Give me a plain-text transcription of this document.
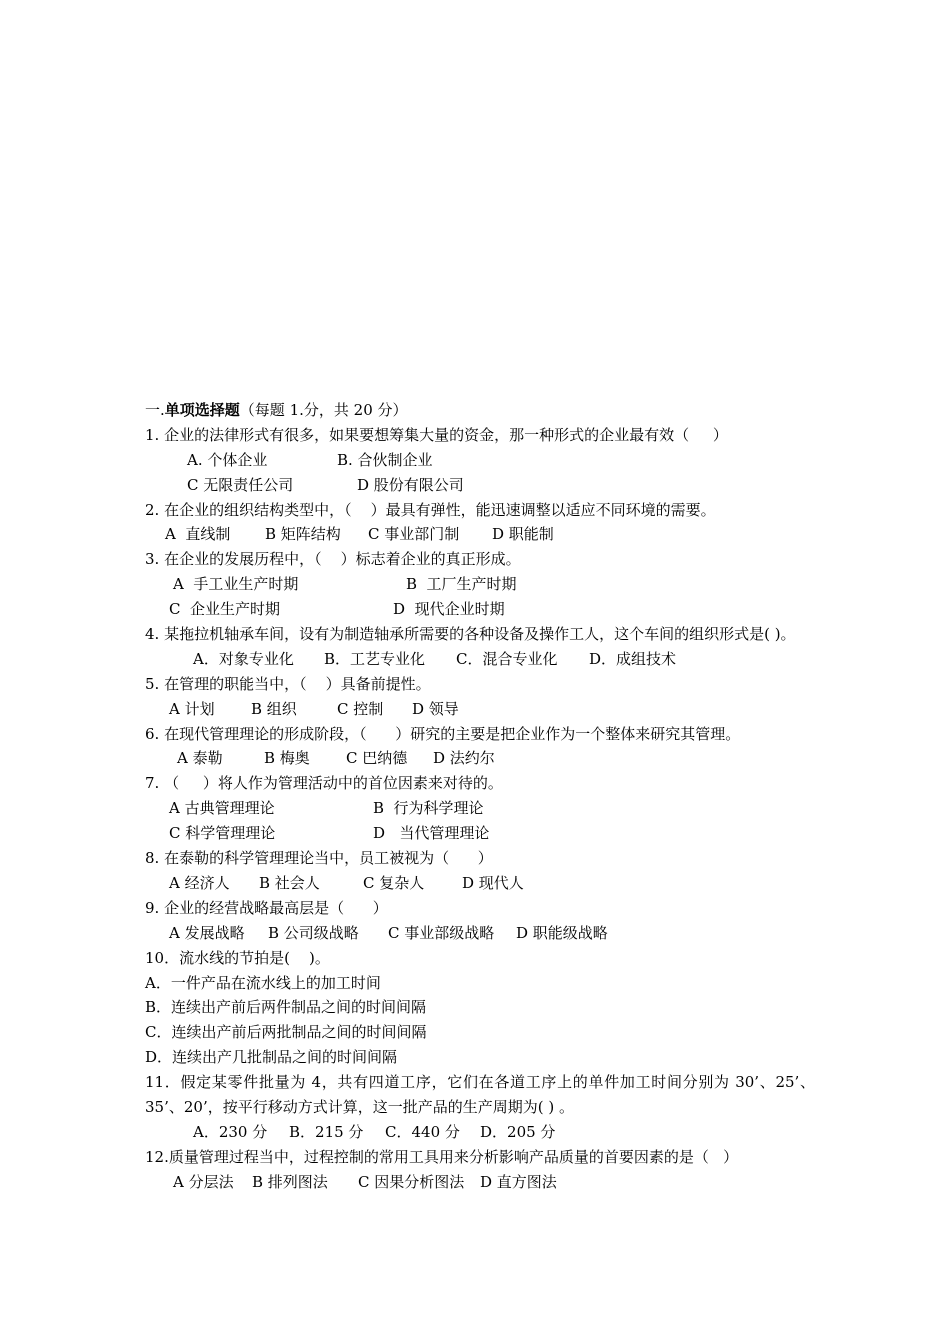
一.单项选择题（每题 1.分，共 20 分）
1. 企业的法律形式有很多，如果要想筹集大量的资金，那一种形式的企业最有效（     ）
A. 个体企业	B. 合伙制企业
C 无限责任公司	D 股份有限公司
2. 在企业的组织结构类型中，（    ）最具有弹性，能迅速调整以适应不同环境的需要。
A  直线制 B 矩阵结构 C 事业部门制 D 职能制
3. 在企业的发展历程中，（    ）标志着企业的真正形成。
A  手工业生产时期	B  工厂生产时期
C  企业生产时期	D  现代企业时期
4. 某拖拉机轴承车间，设有为制造轴承所需要的各种设备及操作工人，这个车间的组织形式是( )。
A．对象专业化 B．工艺专业化 C．混合专业化 D．成组技术
5. 在管理的职能当中，（    ）具备前提性。
A 计划 B 组织	C 控制 D 领导
6. 在现代管理理论的形成阶段，（      ）研究的主要是把企业作为一个整体来研究其管理。
A 泰勒	B 梅奥 C 巴纳德 D 法约尔
7. （     ）将人作为管理活动中的首位因素来对待的。
A 古典管理理论	B  行为科学理论
C 科学管理理论	D   当代管理理论
8. 在泰勒的科学管理理论当中，员工被视为（      ）
A 经济人 B 社会人	C 复杂人	D 现代人
9. 企业的经营战略最高层是（      ）
A 发展战略 B 公司级战略 C 事业部级战略 D 职能级战略
10．流水线的节拍是(    )。
A．一件产品在流水线上的加工时间
B．连续出产前后两件制品之间的时间间隔
C．连续出产前后两批制品之间的时间间隔
D．连续出产几批制品之间的时间间隔
11．假定某零件批量为 4，共有四道工序，它们在各道工序上的单件加工时间分别为 30’、25’、35’、20’，按平行移动方式计算，这一批产品的生产周期为( ) 。
A．230 分 B．215 分 C．440 分 D．205 分
12.质量管理过程当中，过程控制的常用工具用来分析影响产品质量的首要因素的是（   ）
A 分层法 B 排列图法 C 因果分析图法 D 直方图法
